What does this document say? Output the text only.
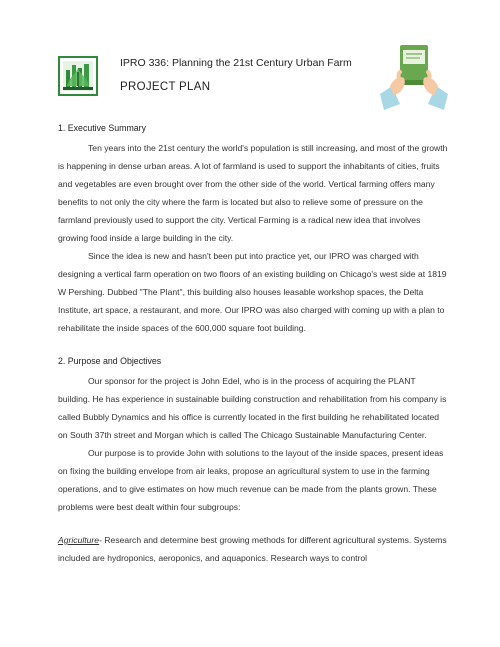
IPRO 336: Planning the 21st Century Urban Farm
PROJECT PLAN
1. Executive Summary

Ten years into the 21st century the world's population is still increasing, and most of the growth is happening in dense urban areas. A lot of farmland is used to support the inhabitants of cities, fruits and vegetables are even brought over from the other side of the world. Vertical farming offers many benefits to not only the city where the farm is located but also to relieve some of pressure on the farmland previously used to support the city. Vertical Farming is a radical new idea that involves growing food inside a large building in the city.

Since the idea is new and hasn't been put into practice yet, our IPRO was charged with designing a vertical farm operation on two floors of an existing building on Chicago's west side at 1819 W Pershing. Dubbed "The Plant", this building also houses leasable workshop spaces, the Delta Institute, art space, a restaurant, and more. Our IPRO was also charged with coming up with a plan to rehabilitate the inside spaces of the 600,000 square foot building.

2. Purpose and Objectives

Our sponsor for the project is John Edel, who is in the process of acquiring the PLANT building. He has experience in sustainable building construction and rehabilitation from his company is called Bubbly Dynamics and his office is currently located in the first building he rehabilitated located on South 37th street and Morgan which is called The Chicago Sustainable Manufacturing Center.

Our purpose is to provide John with solutions to the layout of the inside spaces, present ideas on fixing the building envelope from air leaks, propose an agricultural system to use in the farming operations, and to give estimates on how much revenue can be made from the plants grown. These problems were best dealt within four subgroups:

Agriculture- Research and determine best growing methods for different agricultural systems. Systems included are hydroponics, aeroponics, and aquaponics. Research ways to control
